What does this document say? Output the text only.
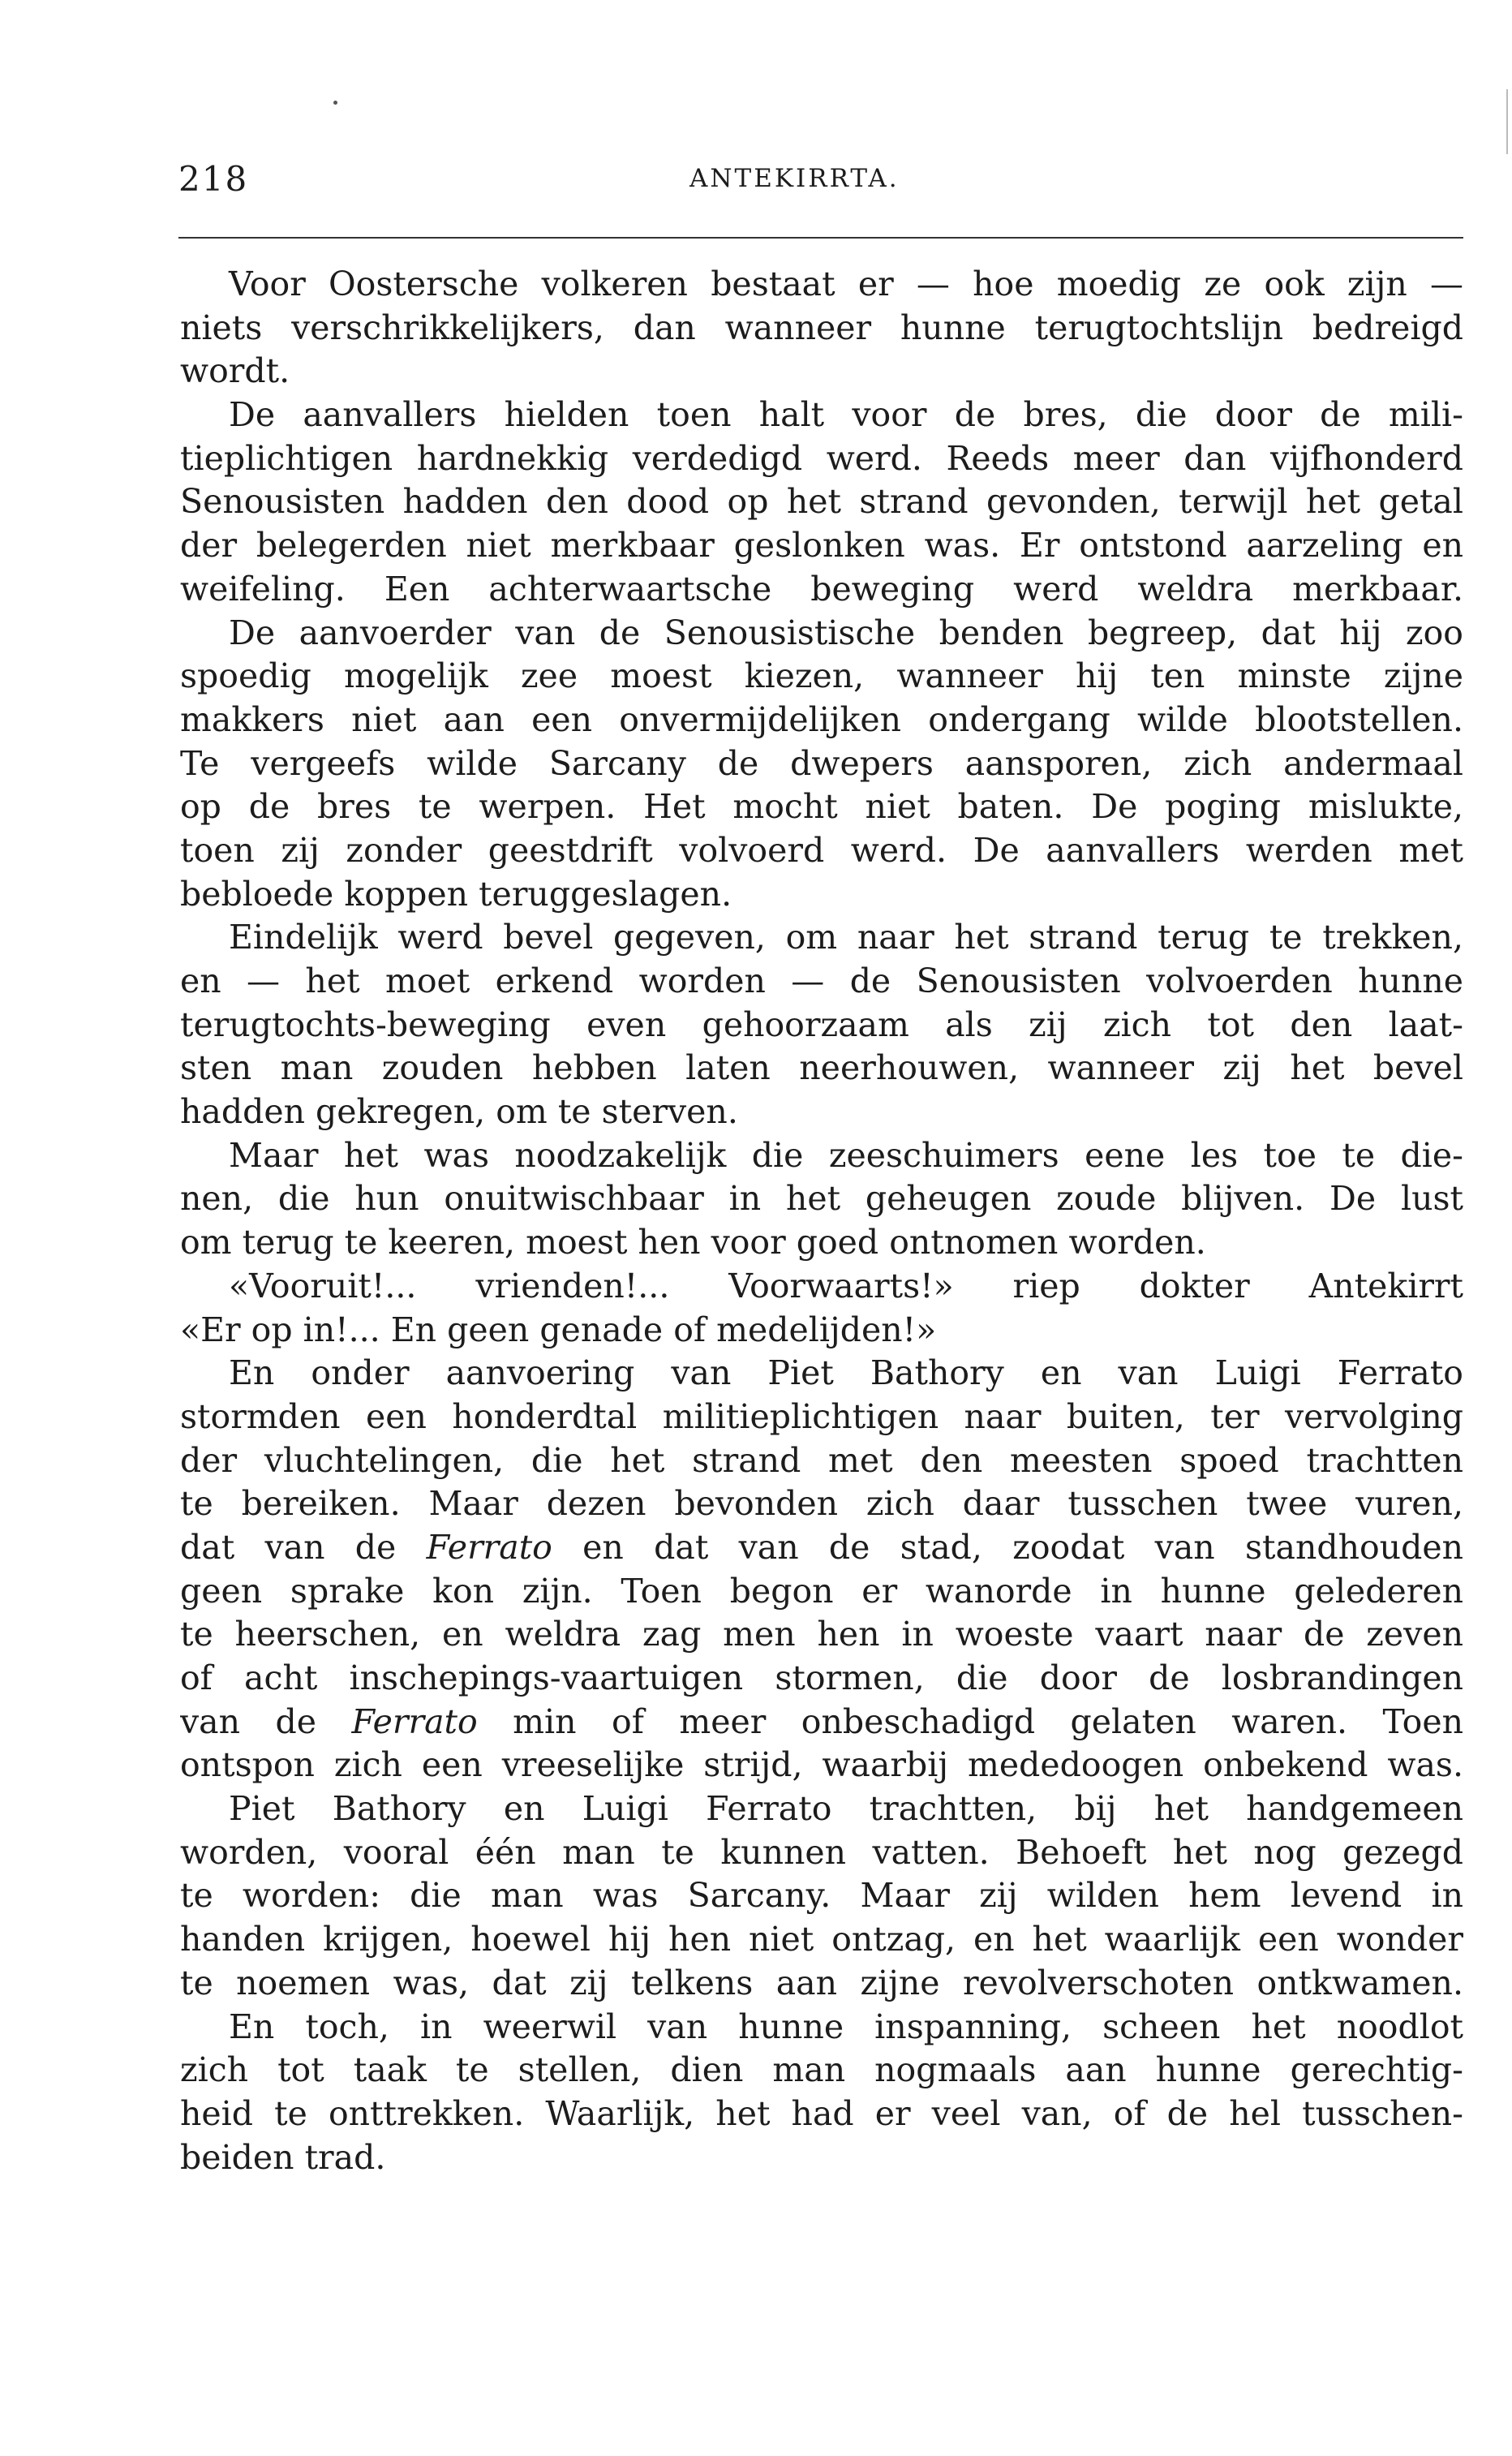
218	ANTEKIRRTA.
Voor Oostersche volkeren bestaat er — hoe moedig ze ook zijn —
niets verschrikkelijkers, dan wanneer hunne terugtochtslijn bedreigd
wordt.
De aanvallers hielden toen halt voor de bres, die door de mili-
tieplichtigen hardnekkig verdedigd werd. Reeds meer dan vijfhonderd
Senousisten hadden den dood op het strand gevonden, terwijl het getal
der belegerden niet merkbaar geslonken was. Er ontstond aarzeling en
weifeling. Een achterwaartsche beweging werd weldra merkbaar.
De aanvoerder van de Senousistische benden begreep, dat hij zoo
spoedig mogelijk zee moest kiezen, wanneer hij ten minste zijne
makkers niet aan een onvermijdelijken ondergang wilde blootstellen.
Te vergeefs wilde Sarcany de dwepers aansporen, zich andermaal
op de bres te werpen. Het mocht niet baten. De poging mislukte,
toen zij zonder geestdrift volvoerd werd. De aanvallers werden met
bebloede koppen teruggeslagen.
Eindelijk werd bevel gegeven, om naar het strand terug te trekken,
en — het moet erkend worden — de Senousisten volvoerden hunne
terugtochts-beweging even gehoorzaam als zij zich tot den laat-
sten man zouden hebben laten neerhouwen, wanneer zij het bevel
hadden gekregen, om te sterven.
Maar het was noodzakelijk die zeeschuimers eene les toe te die-
nen, die hun onuitwischbaar in het geheugen zoude blijven. De lust
om terug te keeren, moest hen voor goed ontnomen worden.
«Vooruit!... vrienden!... Voorwaarts!» riep dokter Antekirrt
«Er op in!... En geen genade of medelijden!»
En onder aanvoering van Piet Bathory en van Luigi Ferrato
stormden een honderdtal militieplichtigen naar buiten, ter vervolging
der vluchtelingen, die het strand met den meesten spoed trachtten
te bereiken. Maar dezen bevonden zich daar tusschen twee vuren,
dat van de Ferrato en dat van de stad, zoodat van standhouden
geen sprake kon zijn. Toen begon er wanorde in hunne gelederen
te heerschen, en weldra zag men hen in woeste vaart naar de zeven
of acht inschepings-vaartuigen stormen, die door de losbrandingen
van de Ferrato min of meer onbeschadigd gelaten waren. Toen
ontspon zich een vreeselijke strijd, waarbij mededoogen onbekend was.
Piet Bathory en Luigi Ferrato trachtten, bij het handgemeen
worden, vooral één man te kunnen vatten. Behoeft het nog gezegd
te worden: die man was Sarcany. Maar zij wilden hem levend in
handen krijgen, hoewel hij hen niet ontzag, en het waarlijk een wonder
te noemen was, dat zij telkens aan zijne revolverschoten ontkwamen.
En toch, in weerwil van hunne inspanning, scheen het noodlot
zich tot taak te stellen, dien man nogmaals aan hunne gerechtig-
heid te onttrekken. Waarlijk, het had er veel van, of de hel tusschen-
beiden trad.
